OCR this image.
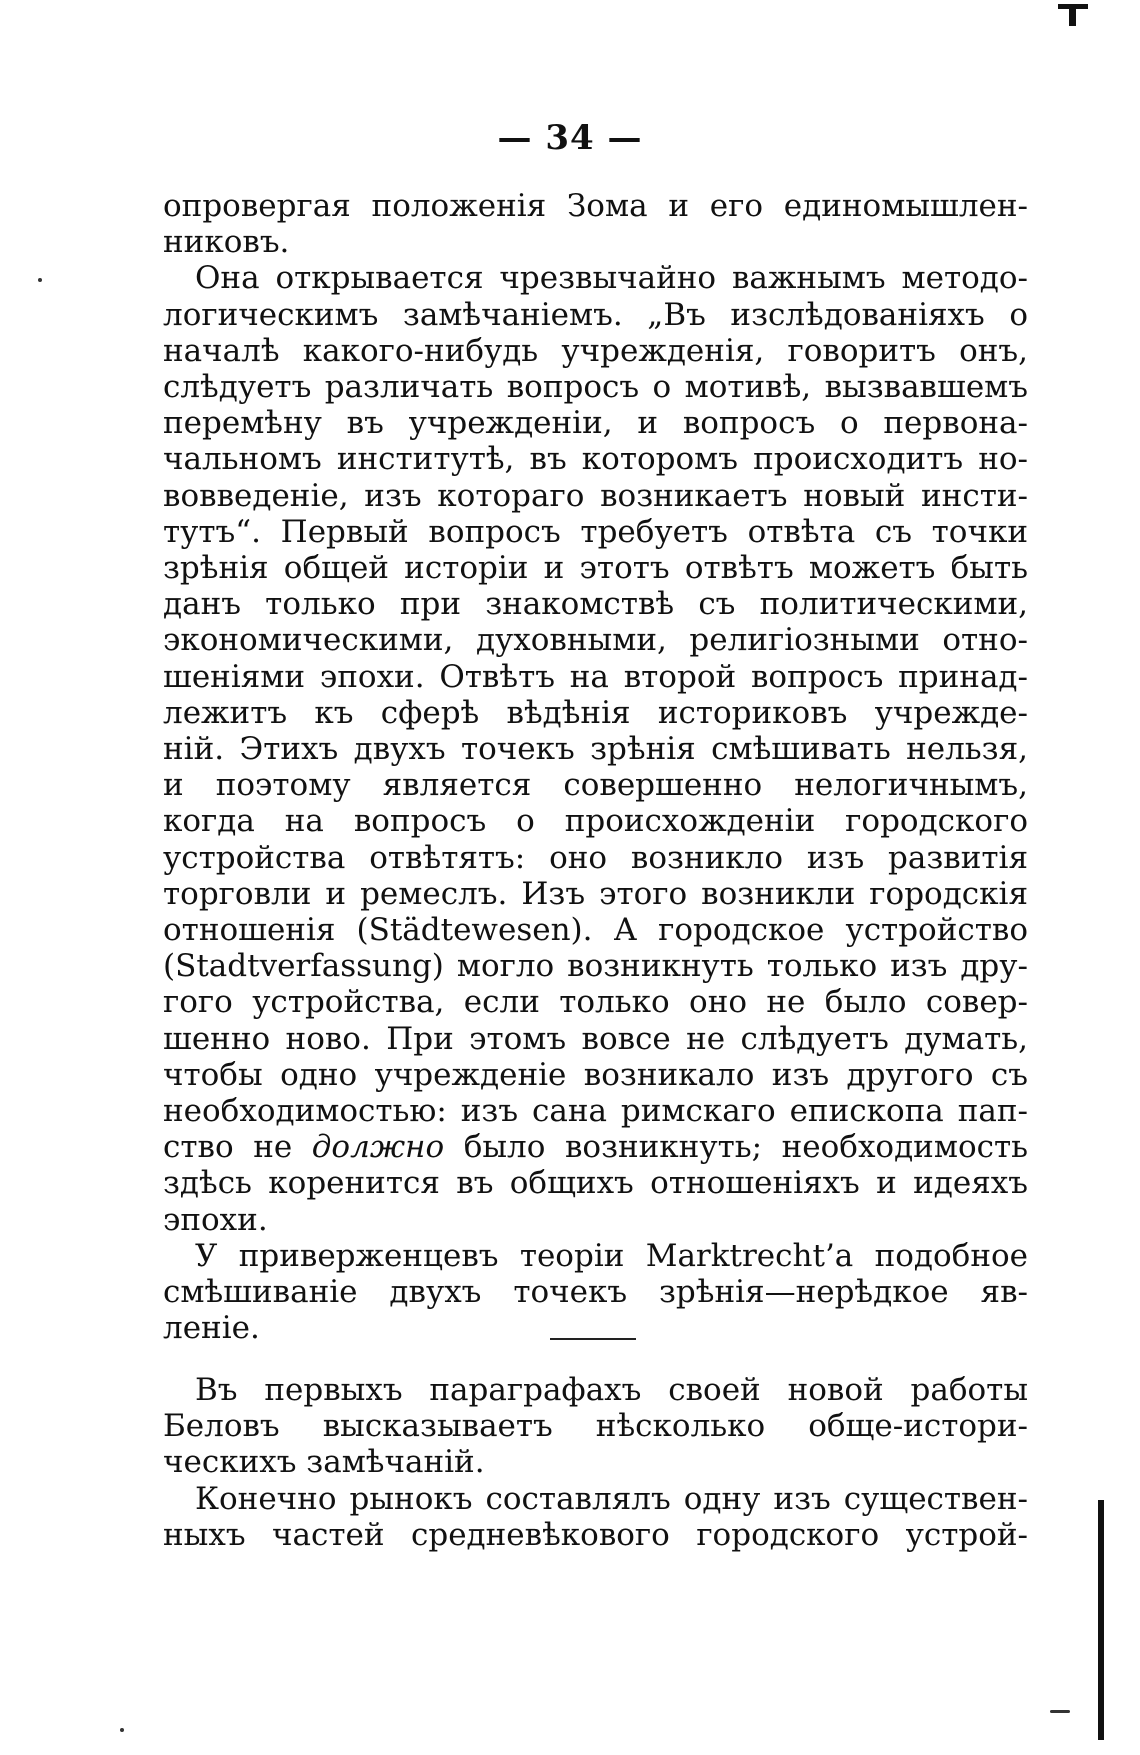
— 34 —
опровергая положенія Зома и его единомышлен-
никовъ.
Она открывается чрезвычайно важнымъ методо-
логическимъ замѣчаніемъ. „Въ изслѣдованіяхъ о
началѣ какого-нибудь учрежденія, говоритъ онъ,
слѣдуетъ различать вопросъ о мотивѣ, вызвавшемъ
перемѣну въ учрежденіи, и вопросъ о первона-
чальномъ институтѣ, въ которомъ происходитъ но-
вовведеніе, изъ котораго возникаетъ новый инсти-
тутъ“. Первый вопросъ требуетъ отвѣта съ точки
зрѣнія общей исторіи и этотъ отвѣтъ можетъ быть
данъ только при знакомствѣ съ политическими,
экономическими, духовными, религіозными отно-
шеніями эпохи. Отвѣтъ на второй вопросъ принад-
лежитъ къ сферѣ вѣдѣнія историковъ учрежде-
ній. Этихъ двухъ точекъ зрѣнія смѣшивать нельзя,
и поэтому является совершенно нелогичнымъ,
когда на вопросъ о происхожденіи городского
устройства отвѣтятъ: оно возникло изъ развитія
торговли и ремеслъ. Изъ этого возникли городскія
отношенія (Städtewesen). А городское устройство
(Stadtverfassung) могло возникнуть только изъ дру-
гого устройства, если только оно не было совер-
шенно ново. При этомъ вовсе не слѣдуетъ думать,
чтобы одно учрежденіе возникало изъ другого съ
необходимостью: изъ сана римскаго епископа пап-
ство не должно было возникнуть; необходимость
здѣсь коренится въ общихъ отношеніяхъ и идеяхъ
эпохи.
У приверженцевъ теоріи Marktrecht’а подобное
смѣшиваніе двухъ точекъ зрѣнія—нерѣдкое яв-
леніе.
Въ первыхъ параграфахъ своей новой работы
Беловъ высказываетъ нѣсколько обще-истори-
ческихъ замѣчаній.
Конечно рынокъ составлялъ одну изъ существен-
ныхъ частей средневѣкового городского устрой-
